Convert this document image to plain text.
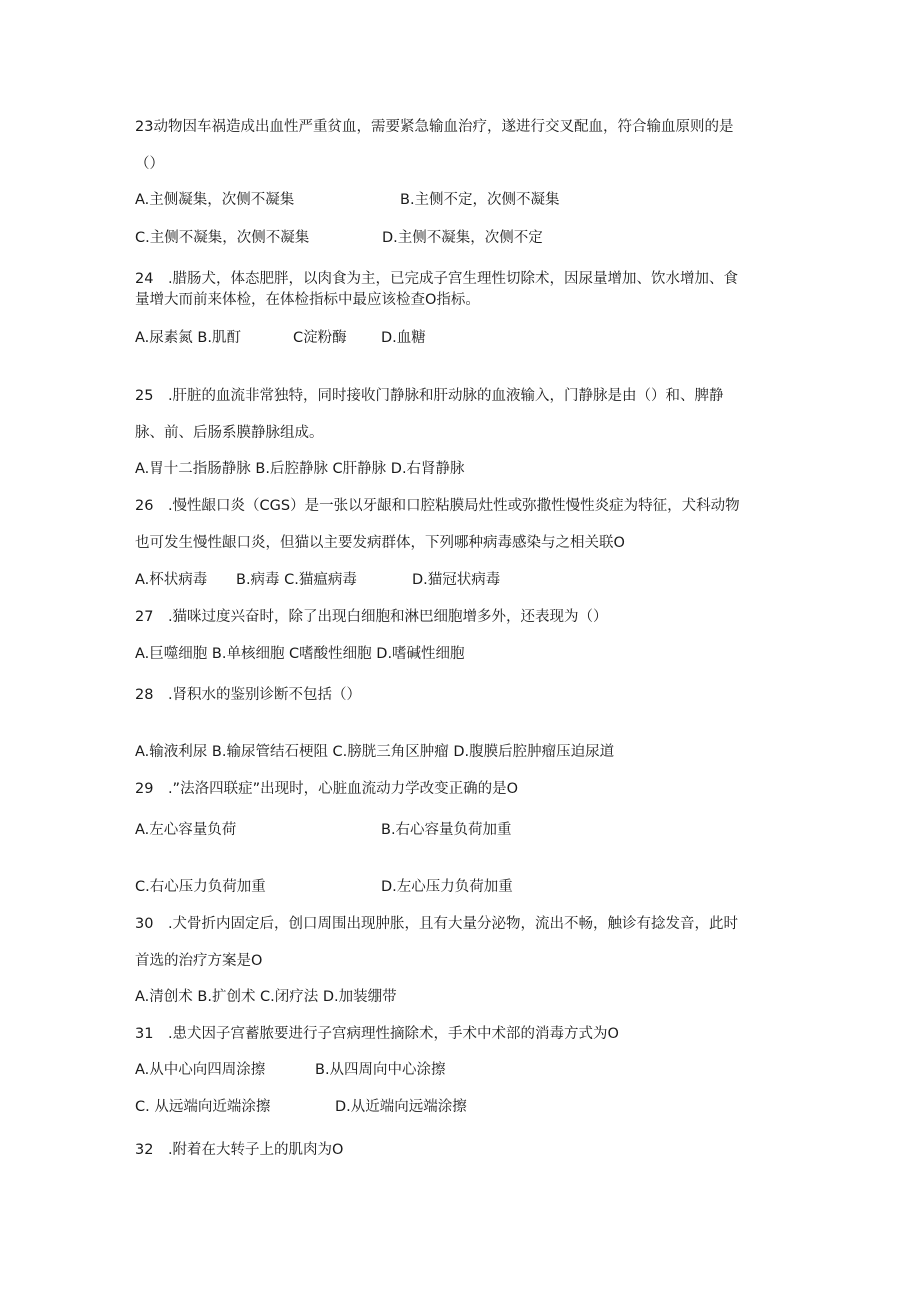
23动物因车祸造成出血性严重贫血，需要紧急输血治疗，遂进行交叉配血，符合输血原则的是
（）
A.主侧凝集，次侧不凝集	B.主侧不定，次侧不凝集
C.主侧不凝集，次侧不凝集	D.主侧不凝集，次侧不定
24　.腊肠犬，体态肥胖，以肉食为主，已完成子宫生理性切除术，因尿量增加、饮水增加、食
量增大而前来体检，在体检指标中最应该检查O指标。
A.尿素氮 B.肌酊	C淀粉酶 D.血糖
25　.肝脏的血流非常独特，同时接收门静脉和肝动脉的血液输入，门静脉是由（）和、脾静
脉、前、后肠系膜静脉组成。
A.胃十二指肠静脉 B.后腔静脉 C肝静脉 D.右肾静脉
26　.慢性龈口炎（CGS）是一张以牙龈和口腔粘膜局灶性或弥撒性慢性炎症为特征，犬科动物
也可发生慢性龈口炎，但猫以主要发病群体，下列哪种病毒感染与之相关联O
A.杯状病毒 B.病毒 C.猫瘟病毒	D.猫冠状病毒
27　.猫咪过度兴奋时，除了出现白细胞和淋巴细胞增多外，还表现为（）
A.巨噬细胞 B.单核细胞 C嗜酸性细胞 D.嗜碱性细胞
28　.肾积水的鉴别诊断不包括（）
A.输液利尿 B.输尿管结石梗阻 C.膀胱三角区肿瘤 D.腹膜后腔肿瘤压迫尿道
29　.”法洛四联症”出现时，心脏血流动力学改变正确的是O
A.左心容量负荷	B.右心容量负荷加重
C.右心压力负荷加重	D.左心压力负荷加重
30　.犬骨折内固定后，创口周围出现肿胀，且有大量分泌物，流出不畅，触诊有捻发音，此时
首选的治疗方案是O
A.清创术 B.扩创术 C.闭疗法 D.加装绷带
31　.患犬因子宫蓄脓要进行子宫病理性摘除术，手术中术部的消毒方式为O
A.从中心向四周涂擦	B.从四周向中心涂擦
C. 从远端向近端涂擦	D.从近端向远端涂擦
32　.附着在大转子上的肌肉为O
